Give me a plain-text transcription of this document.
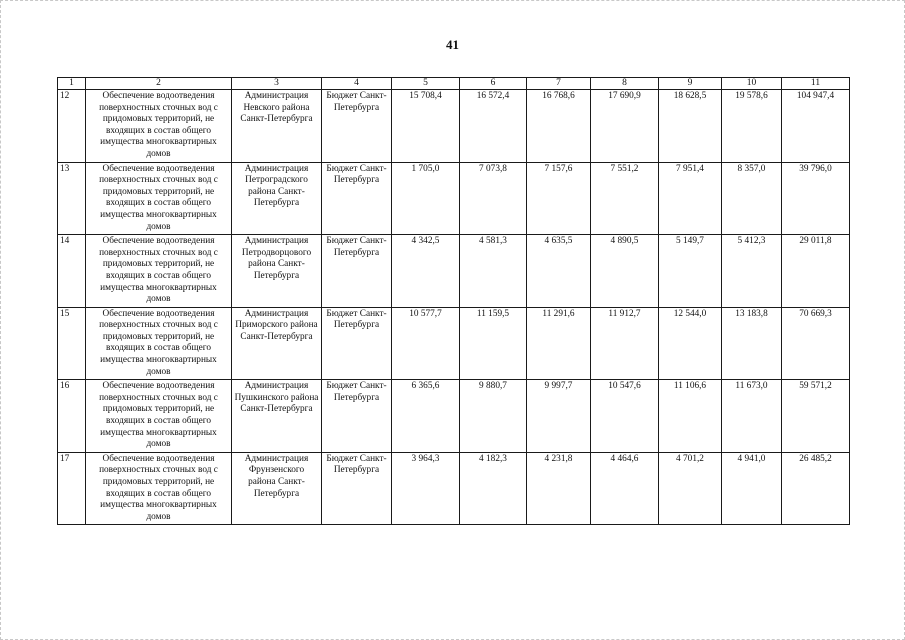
41
1	2	3	4	5	6	7	8	9	10	11
12	Обеспечение водоотведения поверхностных сточных вод с придомовых территорий, не входящих в состав общего имущества многоквартирных домов	Администрация Невского района Санкт-Петербурга	Бюджет Санкт-Петербурга	15 708,4	16 572,4	16 768,6	17 690,9	18 628,5	19 578,6	104 947,4
13	Обеспечение водоотведения поверхностных сточных вод с придомовых территорий, не входящих в состав общего имущества многоквартирных домов	Администрация Петроградского района Санкт-Петербурга	Бюджет Санкт-Петербурга	1 705,0	7 073,8	7 157,6	7 551,2	7 951,4	8 357,0	39 796,0
14	Обеспечение водоотведения поверхностных сточных вод с придомовых территорий, не входящих в состав общего имущества многоквартирных домов	Администрация Петродворцового района Санкт-Петербурга	Бюджет Санкт-Петербурга	4 342,5	4 581,3	4 635,5	4 890,5	5 149,7	5 412,3	29 011,8
15	Обеспечение водоотведения поверхностных сточных вод с придомовых территорий, не входящих в состав общего имущества многоквартирных домов	Администрация Приморского района Санкт-Петербурга	Бюджет Санкт-Петербурга	10 577,7	11 159,5	11 291,6	11 912,7	12 544,0	13 183,8	70 669,3
16	Обеспечение водоотведения поверхностных сточных вод с придомовых территорий, не входящих в состав общего имущества многоквартирных домов	Администрация Пушкинского района Санкт-Петербурга	Бюджет Санкт-Петербурга	6 365,6	9 880,7	9 997,7	10 547,6	11 106,6	11 673,0	59 571,2
17	Обеспечение водоотведения поверхностных сточных вод с придомовых территорий, не входящих в состав общего имущества многоквартирных домов	Администрация Фрунзенского района Санкт-Петербурга	Бюджет Санкт-Петербурга	3 964,3	4 182,3	4 231,8	4 464,6	4 701,2	4 941,0	26 485,2
